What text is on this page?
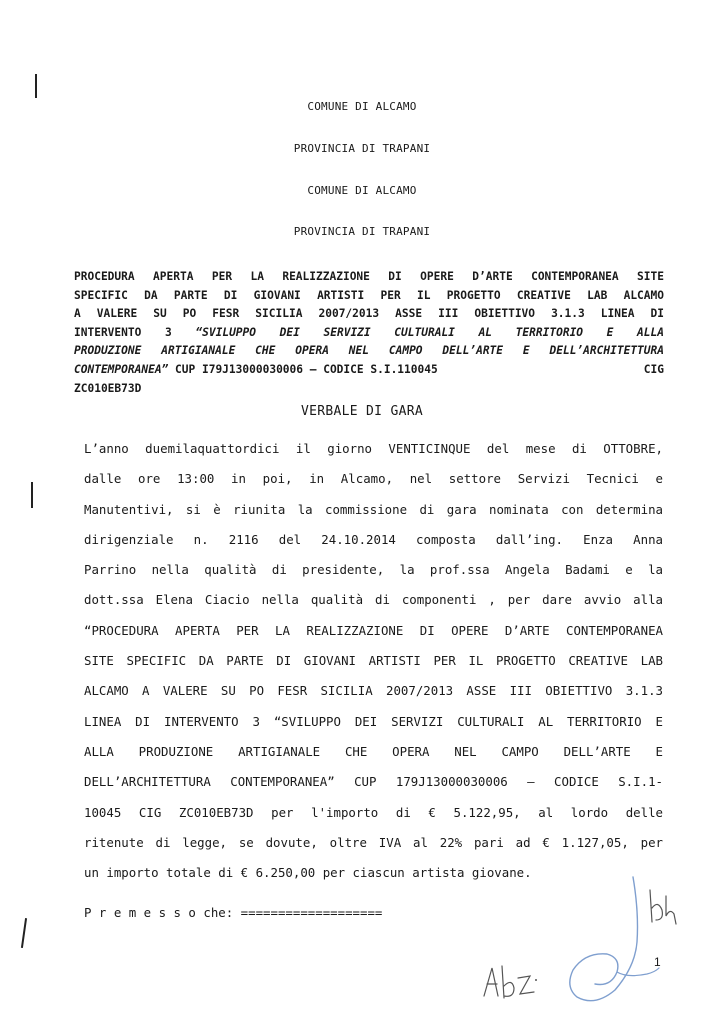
COMUNE DI ALCAMO
PROVINCIA DI TRAPANI
COMUNE DI ALCAMO
PROVINCIA DI TRAPANI
PROCEDURA APERTA PER LA REALIZZAZIONE DI OPERE D’ARTE CONTEMPORANEA SITE
SPECIFIC DA PARTE DI GIOVANI ARTISTI PER IL PROGETTO CREATIVE LAB ALCAMO
A VALERE SU PO FESR SICILIA 2007/2013 ASSE III OBIETTIVO 3.1.3 LINEA DI
INTERVENTO 3 “SVILUPPO DEI SERVIZI CULTURALI AL TERRITORIO E ALLA
PRODUZIONE ARTIGIANALE CHE OPERA NEL CAMPO DELL’ARTE E DELL’ARCHITETTURA
CONTEMPORANEA” CUP I79J13000030006 – CODICE S.I.110045	CIG
ZC010EB73D
VERBALE DI GARA
L’anno duemilaquattordici il giorno VENTICINQUE del mese di OTTOBRE,
dalle ore 13:00 in poi, in Alcamo, nel settore Servizi Tecnici e
Manutentivi, si è riunita la commissione di gara nominata con determina
dirigenziale n. 2116 del 24.10.2014 composta dall’ing. Enza Anna
Parrino nella qualità di presidente, la prof.ssa Angela Badami e la
dott.ssa Elena Ciacio nella qualità di componenti , per dare avvio alla
“PROCEDURA APERTA PER LA REALIZZAZIONE DI OPERE D’ARTE CONTEMPORANEA
SITE SPECIFIC DA PARTE DI GIOVANI ARTISTI PER IL PROGETTO CREATIVE LAB
ALCAMO A VALERE SU PO FESR SICILIA 2007/2013 ASSE III OBIETTIVO 3.1.3
LINEA DI INTERVENTO 3 “SVILUPPO DEI SERVIZI CULTURALI AL TERRITORIO E
ALLA PRODUZIONE ARTIGIANALE CHE OPERA NEL CAMPO DELL’ARTE E
DELL’ARCHITETTURA CONTEMPORANEA” CUP 179J13000030006 – CODICE S.I.1-
10045 CIG ZC010EB73D per l'importo di € 5.122,95, al lordo delle
ritenute di legge, se dovute, oltre IVA al 22% pari ad € 1.127,05, per
un importo totale di € 6.250,00 per ciascun artista giovane.
P r e m e s s o che: ===================
1
